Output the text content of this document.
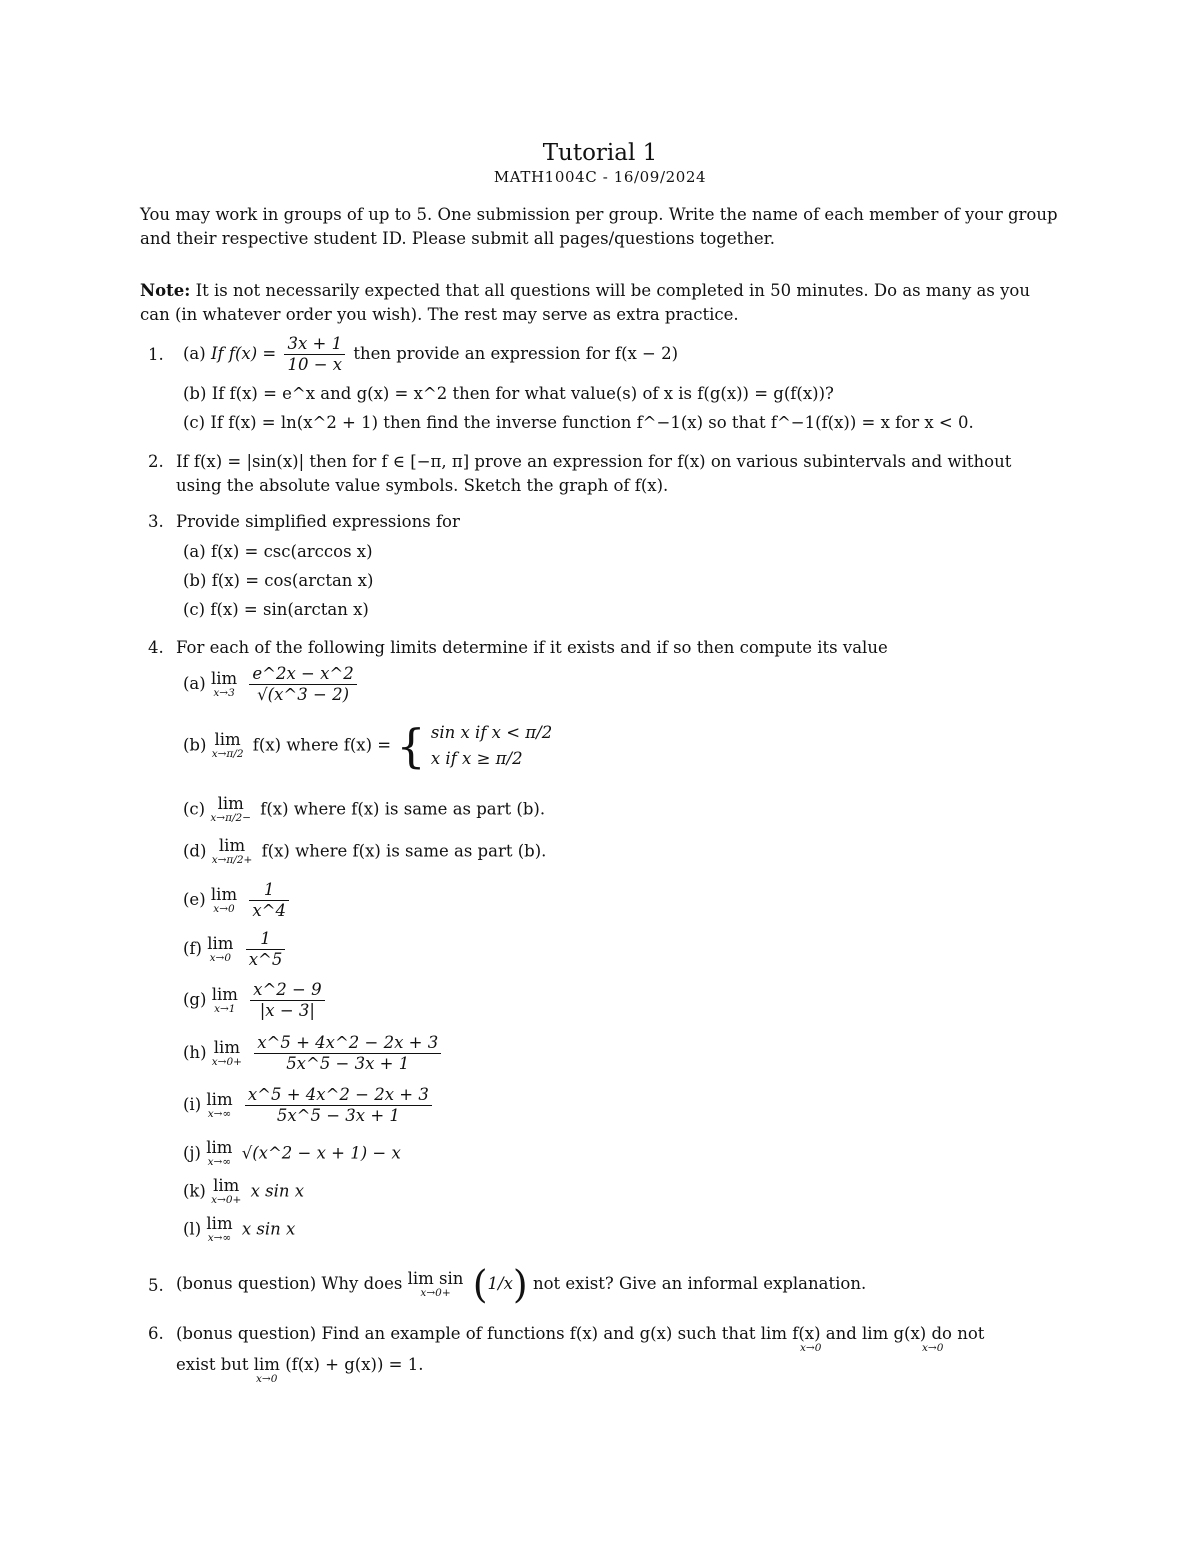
Tutorial 1
MATH1004C - 16/09/2024
You may work in groups of up to 5. One submission per group. Write the name of each member of your group and their respective student ID. Please submit all pages/questions together.
Note: It is not necessarily expected that all questions will be completed in 50 minutes. Do as many as you can (in whatever order you wish). The rest may serve as extra practice.
1. (a) If $f(x) = \frac{3x + 1}{10 - x}$ then provide an expression for f(x − 2)
(b) If f(x) = e^x and g(x) = x^2 then for what value(s) of x is f(g(x)) = g(f(x))?
(c) If f(x) = ln(x^2 + 1) then find the inverse function f^−1(x) so that f^−1(f(x)) = x for x < 0.
2. If f(x) = |sin(x)| then for f ∈ [−π, π] prove an expression for f(x) on various subintervals and without
using the absolute value symbols. Sketch the graph of f(x).
3. Provide simplified expressions for
(a) f(x) = csc(arccos x)
(b) f(x) = cos(arctan x)
(c) f(x) = sin(arctan x)
4. For each of the following limits determine if it exists and if so then compute its value
(a) lim
x→3
$\frac{e\^{}2x - x\^{}2}{√(x\^{}3 - 2)}$
(b) lim
x→π/2 f(x) where f(x) = { sin x if x < π/2
x if x ≥ π/2
(c) lim
x→π/2− f(x) where f(x) is same as part (b).
(d) lim
x→π/2+ f(x) where f(x) is same as part (b).
(e) lim
x→0
$\frac{1}{x\^{}4}$
(f) lim
x→0
$\frac{1}{x\^{}5}$
(g) lim
x→1
$\frac{x\^{}2 - 9}{|x - 3|}$
(h) lim
x→0+
$\frac{x\^{}5 + 4x\^{}2 - 2x + 3}{5x\^{}5 - 3x + 1}$
(i) lim
x→∞
$\frac{x\^{}5 + 4x\^{}2 - 2x + 3}{5x\^{}5 - 3x + 1}$
(j) lim
x→∞ √(x^2 − x + 1) − x
(k) lim
x→0+ x sin x
(l) lim
x→∞ x sin x
5. (bonus question) Why does lim sin
x→0+ (1/x) not exist? Give an informal explanation.
6. (bonus question) Find an example of functions f(x) and g(x) such that lim f(x) and lim g(x) do not
x→0	x→0
exist but lim (f(x) + g(x)) = 1.
x→0
